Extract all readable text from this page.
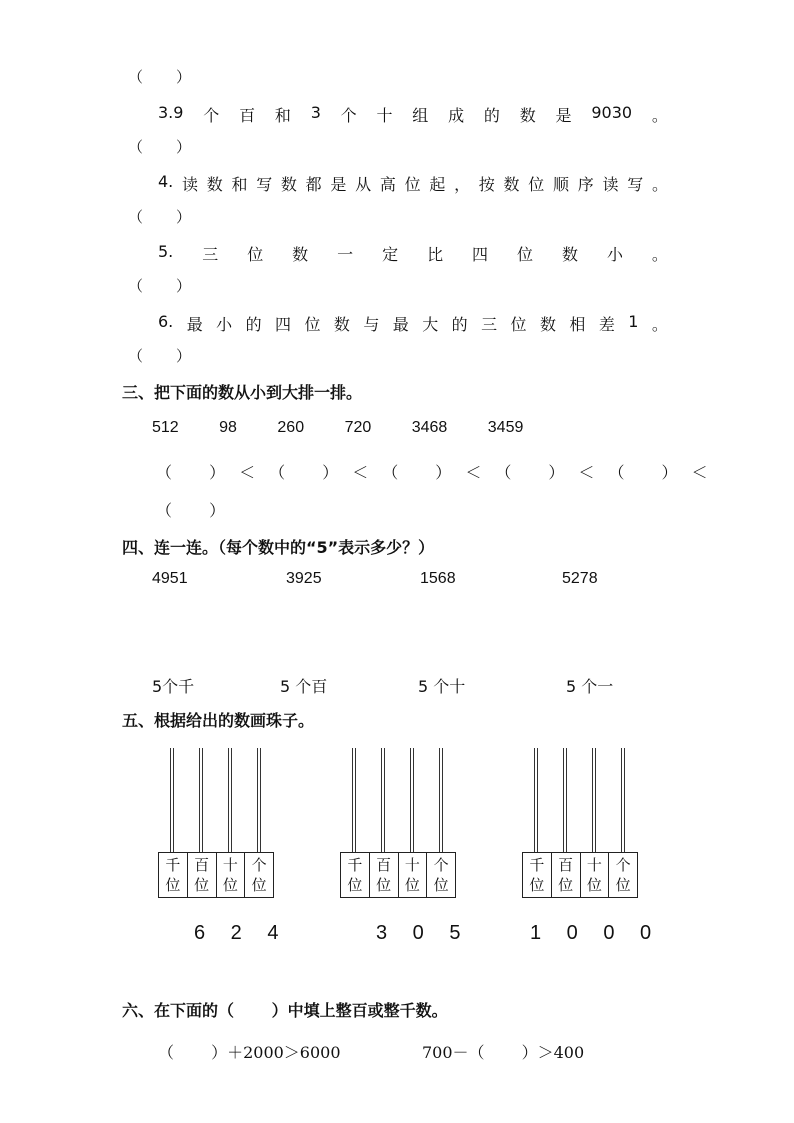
（　　）
3.9 个 百 和 3 个 十 组 成 的 数 是 9030 。
（　　）
4. 读 数 和 写 数 都 是 从 高 位 起 ， 按 数 位 顺 序 读 写 。
（　　）
5. 三 位 数 一 定 比 四 位 数 小 。
（　　）
6. 最 小 的 四 位 数 与 最 大 的 三 位 数 相 差 1 。
（　　）
三、把下面的数从小到大排一排。
512	98	260	720	3468	3459
（　　 ） ＜ （　　 ） ＜ （　　 ） ＜ （　　 ） ＜ （　　 ） ＜
（　　 ）
四、连一连。（每个数中的“5”表示多少？）
4951	3925	1568	5278
5个千	5 个百	5 个十	5 个一
五、根据给出的数画珠子。
千
位
百
位
十
位
个
位
6 2 4
千
位
百
位
十
位
个
位
3 0 5
千
位
百
位
十
位
个
位
1 0 0 0
六、在下面的（　　 ）中填上整百或整千数。
（　　 ）＋2000＞6000	700－（　　 ）＞400
